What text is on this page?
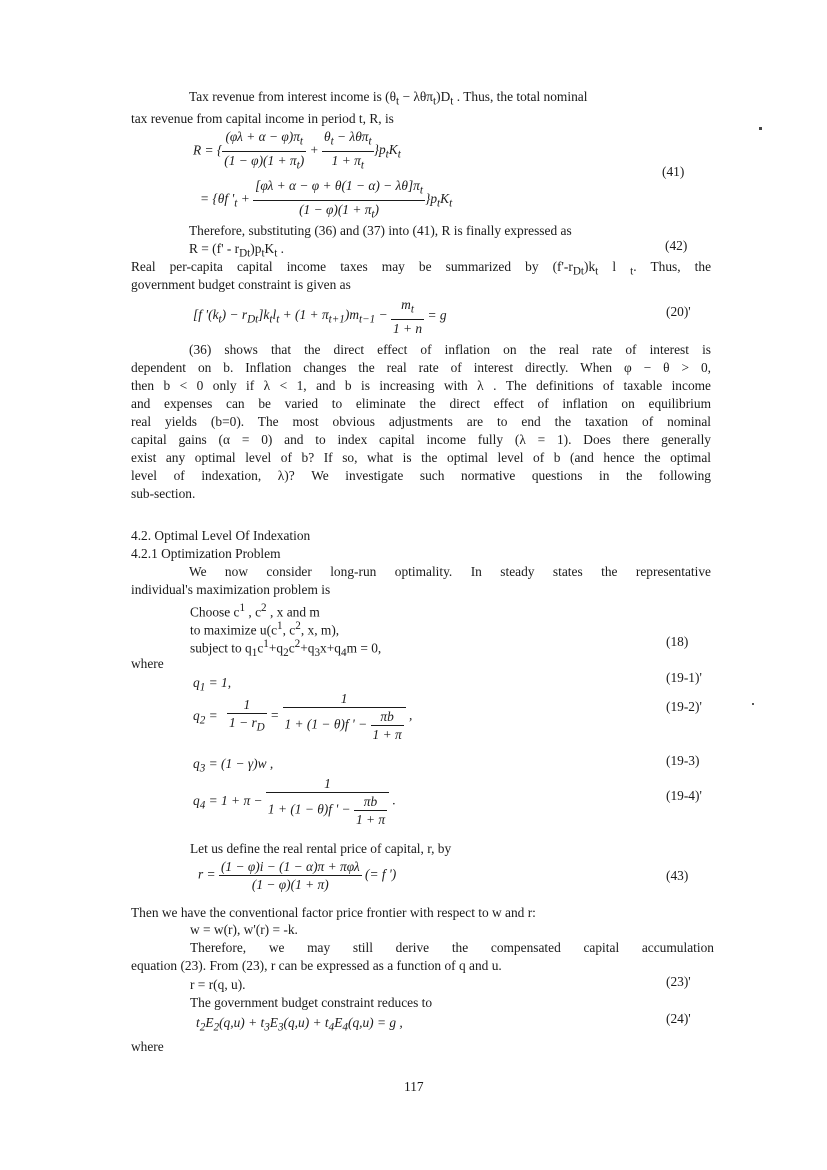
Tax revenue from interest income is $(\theta_t - \lambda\theta\pi_t)D_t$ . Thus, the total nominal
tax revenue from capital income in period t, R, is
R = { $\frac{(\varphi\lambda + \alpha - \varphi)\pi_t}{(1 - \varphi)(1 + \pi_t)} + \frac{\theta_t - \lambda\theta\pi_t}{1 + \pi_t} \}p_tK_t$
(41)
= {θf '$_t + \frac{[\varphi\lambda + \alpha - \varphi + \theta(1 - \alpha) - \lambda\theta]\pi_t}{(1 - \varphi)(1 + \pi_t)} \}p_tK_t$
Therefore, substituting (36) and (37) into (41), R is finally expressed as
$R = (f' - r_{Dt})p_tK_t$ .	(42)
Real per-capita capital income taxes may be summarized by $(f'-r_{Dt})k_t$ l $_t$. Thus, the
government budget constraint is given as
[f '$(k_t) - r_{Dt}]k_tl_t + (1 + \pi_{t+1})m_{t-1} - \frac{m_t}{1 + n} = g$	(20)'
(36) shows that the direct effect of inflation on the real rate of interest is
dependent on b. Inflation changes the real rate of interest directly. When φ − θ > 0,
then b < 0 only if λ < 1, and b is increasing with λ . The definitions of taxable income
and expenses can be varied to eliminate the direct effect of inflation on equilibrium
real yields (b=0). The most obvious adjustments are to end the taxation of nominal
capital gains (α = 0) and to index capital income fully (λ = 1). Does there generally
exist any optimal level of b? If so, what is the optimal level of b (and hence the optimal
level of indexation, λ)? We investigate such normative questions in the following
sub-section.
4.2. Optimal Level Of Indexation
4.2.1 Optimization Problem
We now consider long-run optimality. In steady states the representative
individual's maximization problem is
Choose $c^1$ , $c^2$ , x and m
to maximize $u(c^1$, $c^2$, x, m),
subject to $q_1c^1+q_2c^2+q_3x+q_4m = 0$,	(18)
where
$q_1 = 1$,	(19-1)'
$q_2 = \frac{1}{1 - r_D} = \frac{1}{1 + (1 - \theta)f ' - \frac{\pi b}{1 + \pi}}$ ,
(19-2)'
$q_3 = (1 - \gamma)w$ ,	(19-3)
$q_4 = 1 + \pi - \frac{1}{1 + (1 - \theta)f ' - \frac{\pi b}{1 + \pi}}$ .	(19-4)'
Let us define the real rental price of capital, r, by
$r = \frac{\text{(1 − φ)i − (1 − α)π + πφλ}}{(1 - \varphi)(1 + \pi)}$ (= f ')	(43)
Then we have the conventional factor price frontier with respect to w and r:
w = w(r), w'(r) = -k.
Therefore, we may still derive the compensated capital accumulation
equation (23). From (23), r can be expressed as a function of q and u.
r = r(q, u).	(23)'
The government budget constraint reduces to
$t_2E_2(q,u) + t_3E_3(q,u) + t_4E_4(q,u) = g$ ,	(24)'
where
117
